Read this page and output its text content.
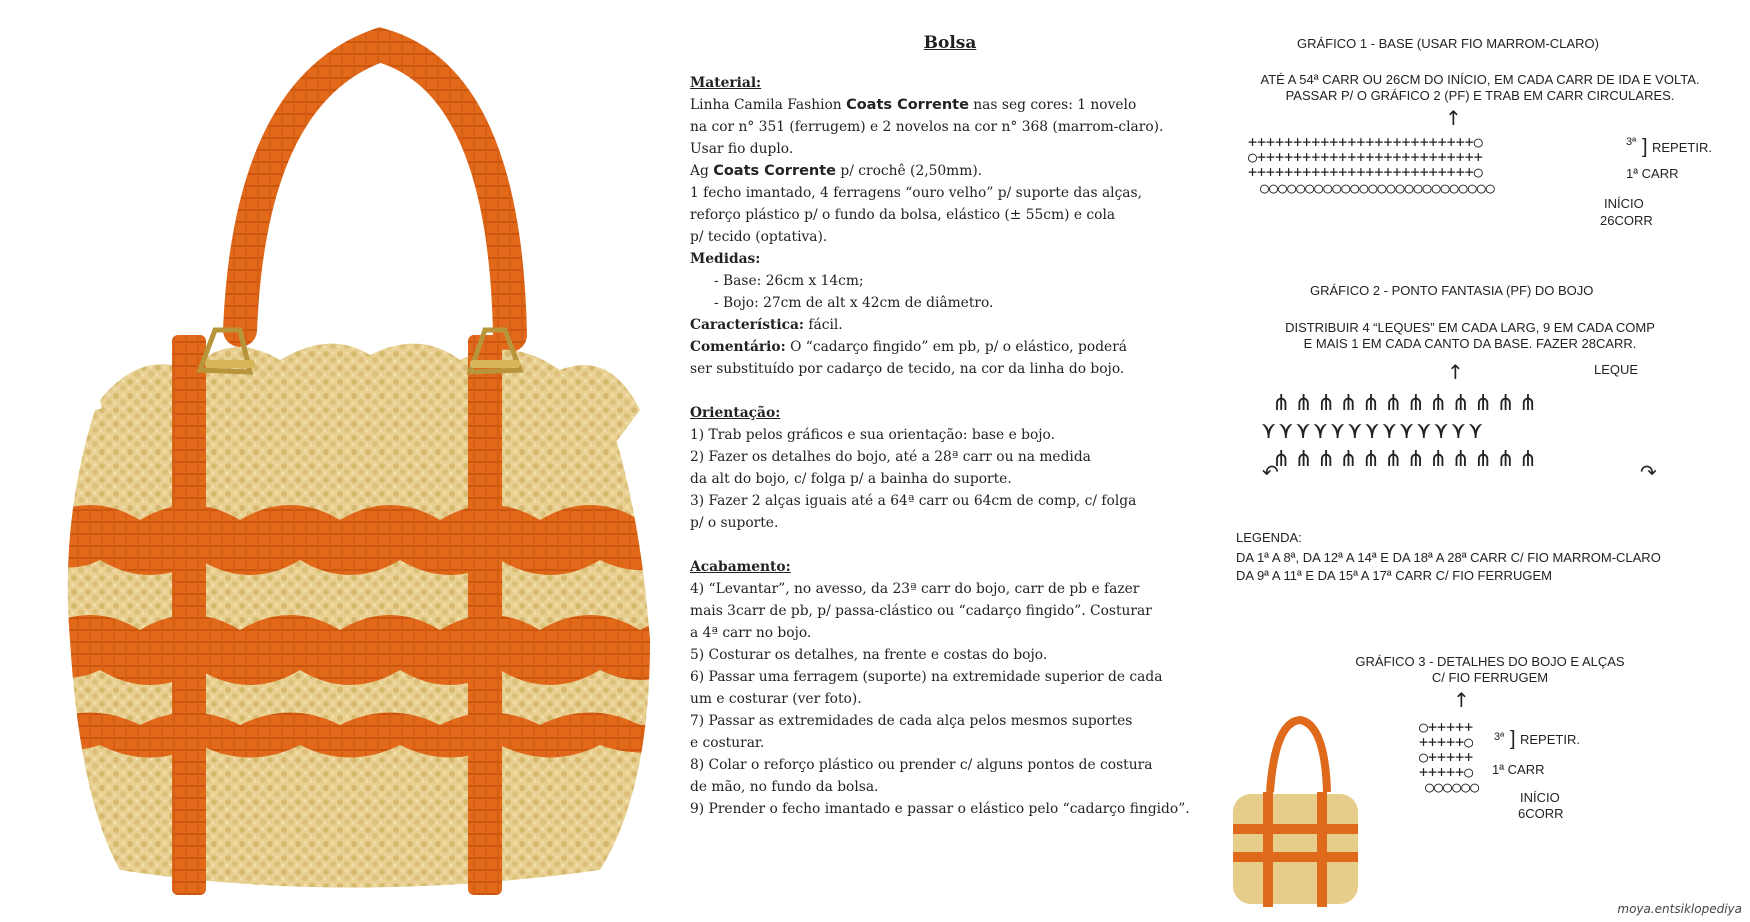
Bolsa
Material:
Linha Camila Fashion Coats Corrente nas seg cores: 1 novelo
na cor n° 351 (ferrugem) e 2 novelos na cor n° 368 (marrom-claro).
Usar fio duplo.
Ag Coats Corrente p/ crochê (2,50mm).
1 fecho imantado, 4 ferragens “ouro velho” p/ suporte das alças,
reforço plástico p/ o fundo da bolsa, elástico (± 55cm) e cola
p/ tecido (optativa).
Medidas:
- Base: 26cm x 14cm;
- Bojo: 27cm de alt x 42cm de diâmetro.
Característica: fácil.
Comentário: O “cadarço fingido” em pb, p/ o elástico, poderá
ser substituído por cadarço de tecido, na cor da linha do bojo.
Orientação:
1) Trab pelos gráficos e sua orientação: base e bojo.
2) Fazer os detalhes do bojo, até a 28ª carr ou na medida
da alt do bojo, c/ folga p/ a bainha do suporte.
3) Fazer 2 alças iguais até a 64ª carr ou 64cm de comp, c/ folga
p/ o suporte.
Acabamento:
4) “Levantar”, no avesso, da 23ª carr do bojo, carr de pb e fazer
mais 3carr de pb, p/ passa-clástico ou “cadarço fingido”. Costurar
a 4ª carr no bojo.
5) Costurar os detalhes, na frente e costas do bojo.
6) Passar uma ferragem (suporte) na extremidade superior de cada
um e costurar (ver foto).
7) Passar as extremidades de cada alça pelos mesmos suportes
e costurar.
8) Colar o reforço plástico ou prender c/ alguns pontos de costura
de mão, no fundo da bolsa.
9) Prender o fecho imantado e passar o elástico pelo “cadarço fingido”.
GRÁFICO 1 - BASE (USAR FIO MARROM-CLARO)
ATÉ A 54ª CARR OU 26CM DO INÍCIO, EM CADA CARR DE IDA E VOLTA.
PASSAR P/ O GRÁFICO 2 (PF) E TRAB EM CARR CIRCULARES.
↑
+++++++++++++++++++++++++○
○+++++++++++++++++++++++++
+++++++++++++++++++++++++○
○○○○○○○○○○○○○○○○○○○○○○○○○○
3ª ] REPETIR.
1ª CARR
INÍCIO
26CORR
GRÁFICO 2 - PONTO FANTASIA (PF) DO BOJO
DISTRIBUIR 4 “LEQUES” EM CADA LARG, 9 EM CADA COMP
E MAIS 1 EM CADA CANTO DA BASE. FAZER 28CARR.
↑	LEQUE
⋔⋔⋔⋔⋔⋔⋔⋔⋔⋔⋔⋔
⋎⋎⋎⋎⋎⋎⋎⋎⋎⋎⋎⋎⋎
⋔⋔⋔⋔⋔⋔⋔⋔⋔⋔⋔⋔
↶	↷
LEGENDA:
DA 1ª A 8ª, DA 12ª A 14ª E DA 18ª A 28ª CARR C/ FIO MARROM-CLARO
DA 9ª A 11ª E DA 15ª A 17ª CARR C/ FIO FERRUGEM
GRÁFICO 3 - DETALHES DO BOJO E ALÇAS
C/ FIO FERRUGEM
↑
○+++++
+++++○
○+++++
+++++○
○○○○○○
3ª ] REPETIR.
1ª CARR
INÍCIO
6CORR
moya.entsiklopediya
